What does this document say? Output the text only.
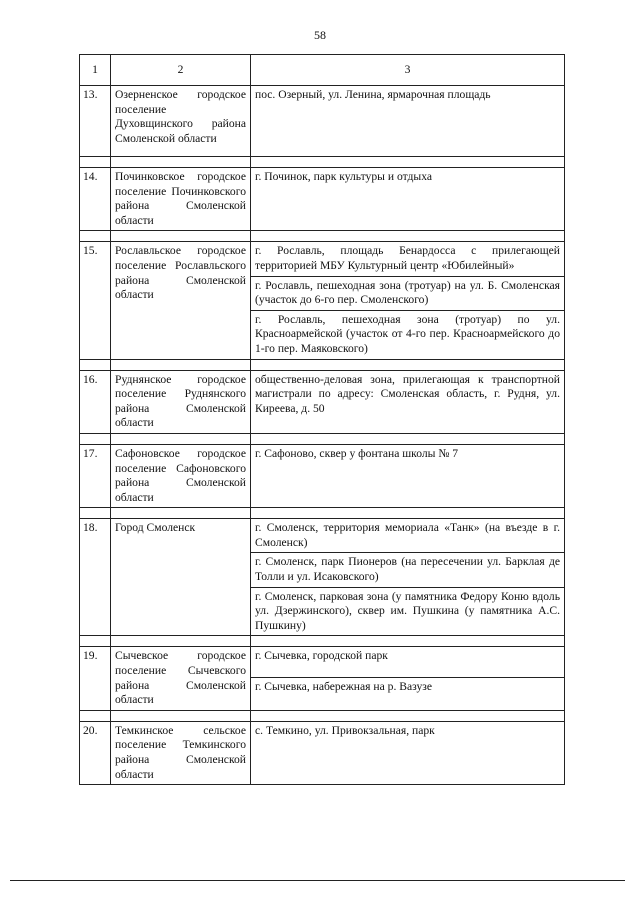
58
1	2	3
13.	Озерненское городское поселение Духовщинского района Смоленской области	пос. Озерный, ул. Ленина, ярмарочная площадь

14.	Починковское городское поселение Починковского района Смоленской области	г. Починок, парк культуры и отдыха

15.	Рославльское городское поселение Рославльского района Смоленской области	г. Рославль, площадь Бенардосса с прилегающей территорией МБУ Культурный центр «Юбилейный»
		г. Рославль, пешеходная зона (тротуар) на ул. Б. Смоленская (участок до 6-го пер. Смоленского)
		г. Рославль, пешеходная зона (тротуар) по ул. Красноармейской (участок от 4-го пер. Красноармейского до 1-го пер. Маяковского)

16.	Руднянское городское поселение Руднянского района Смоленской области	общественно-деловая зона, прилегающая к транспортной магистрали по адресу: Смоленская область, г. Рудня, ул. Киреева, д. 50

17.	Сафоновское городское поселение Сафоновского района Смоленской области	г. Сафоново, сквер у фонтана школы № 7

18.	Город Смоленск	г. Смоленск, территория мемориала «Танк» (на въезде в г. Смоленск)
		г. Смоленск, парк Пионеров (на пересечении ул. Барклая де Толли и ул. Исаковского)
		г. Смоленск, парковая зона (у памятника Федору Коню вдоль ул. Дзержинского), сквер им. Пушкина (у памятника А.С. Пушкину)

19.	Сычевское городское поселение Сычевского района Смоленской области	г. Сычевка, городской парк
		г. Сычевка, набережная на р. Вазузе

20.	Темкинское сельское поселение Темкинского района Смоленской области	с. Темкино, ул. Привокзальная, парк
